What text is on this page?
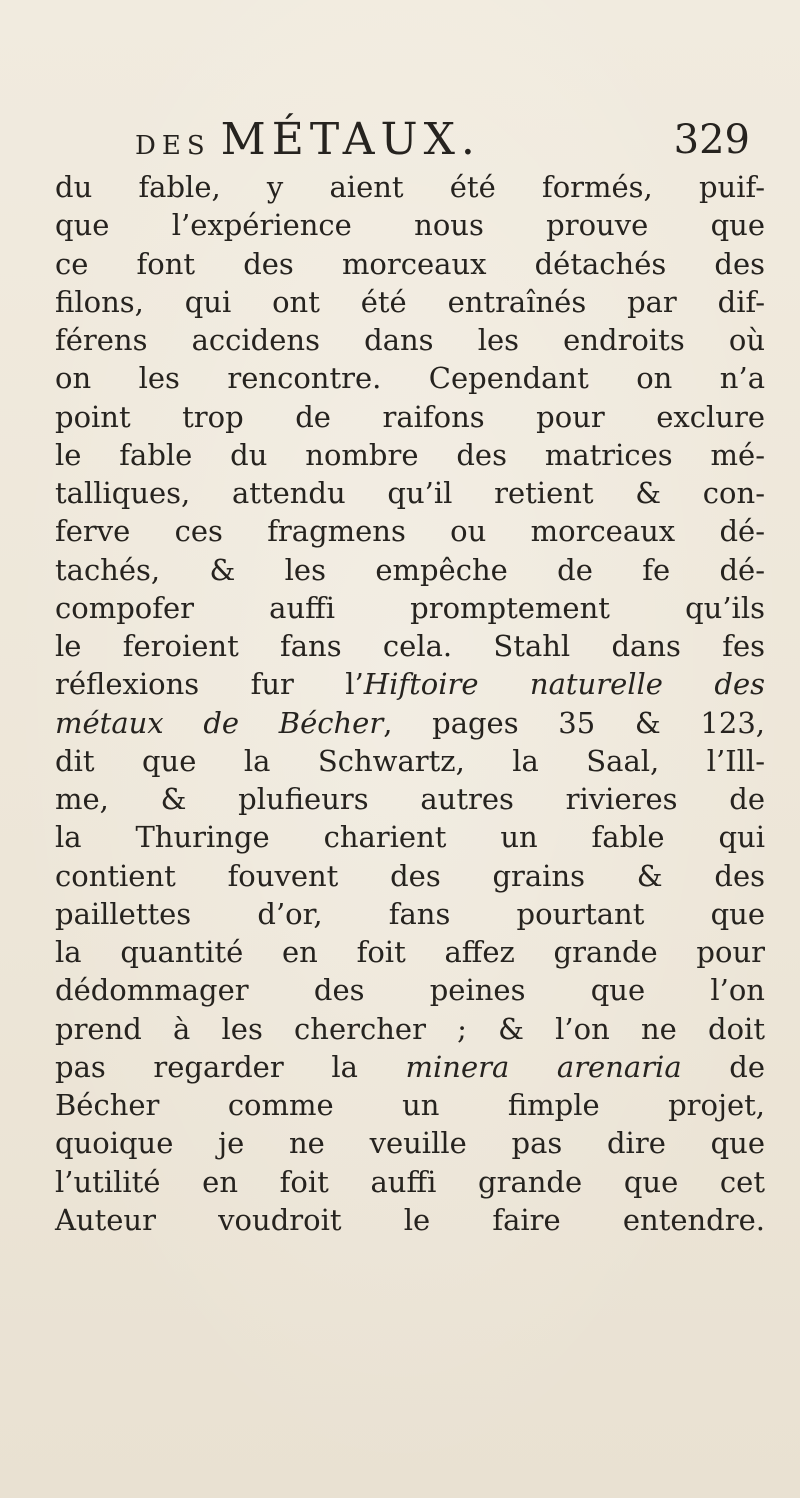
DES MÉTAUX.	329
du fable, y aient été formés, puif-
que l’expérience nous prouve que
ce font des morceaux détachés des
filons, qui ont été entraînés par dif-
férens accidens dans les endroits où
on les rencontre. Cependant on n’a
point trop de raifons pour exclure
le fable du nombre des matrices mé-
talliques, attendu qu’il retient & con-
ferve ces fragmens ou morceaux dé-
tachés, & les empêche de fe dé-
compofer auffi promptement qu’ils
le feroient fans cela. Stahl dans fes
réflexions fur l’Hiftoire naturelle des
métaux de Bécher, pages 35 & 123,
dit que la Schwartz, la Saal, l’Ill-
me, & plufieurs autres rivieres de
la Thuringe charient un fable qui
contient fouvent des grains & des
paillettes d’or, fans pourtant que
la quantité en foit affez grande pour
dédommager des peines que l’on
prend à les chercher ; & l’on ne doit
pas regarder la minera arenaria de
Bécher comme un fimple projet,
quoique je ne veuille pas dire que
l’utilité en foit auffi grande que cet
Auteur voudroit le faire entendre.
